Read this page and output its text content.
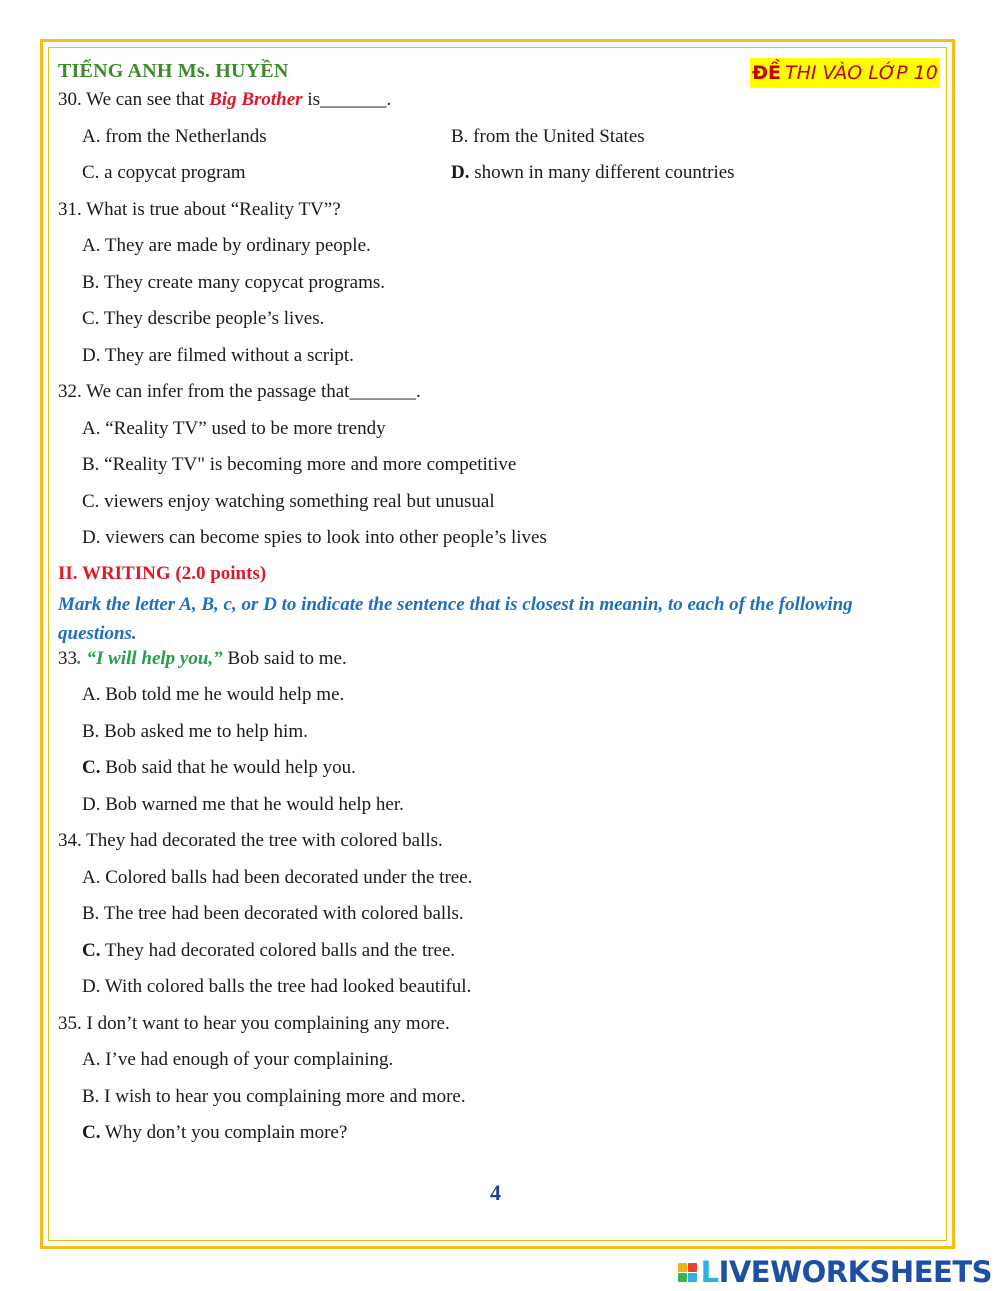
TIẾNG ANH Ms. HUYỀN	ĐỀ THI VÀO LỚP 10
30. We can see that Big Brother is_______.
A. from the Netherlands	B. from the United States
C. a copycat program	D. shown in many different countries
31. What is true about “Reality TV”?
A. They are made by ordinary people.
B. They create many copycat programs.
C. They describe people’s lives.
D. They are filmed without a script.
32. We can infer from the passage that_______.
A. “Reality TV” used to be more trendy
B. “Reality TV" is becoming more and more competitive
C. viewers enjoy watching something real but unusual
D. viewers can become spies to look into other people’s lives
II. WRITING (2.0 points)
Mark the letter A, B, c, or D to indicate the sentence that is closest in meanin, to each of the following questions.
33. “I will help you,” Bob said to me.
A. Bob told me he would help me.
B. Bob asked me to help him.
C. Bob said that he would help you.
D. Bob warned me that he would help her.
34. They had decorated the tree with colored balls.
A. Colored balls had been decorated under the tree.
B. The tree had been decorated with colored balls.
C. They had decorated colored balls and the tree.
D. With colored balls the tree had looked beautiful.
35. I don’t want to hear you complaining any more.
A. I’ve had enough of your complaining.
B. I wish to hear you complaining more and more.
C. Why don’t you complain more?
4
LIVEWORKSHEETS
